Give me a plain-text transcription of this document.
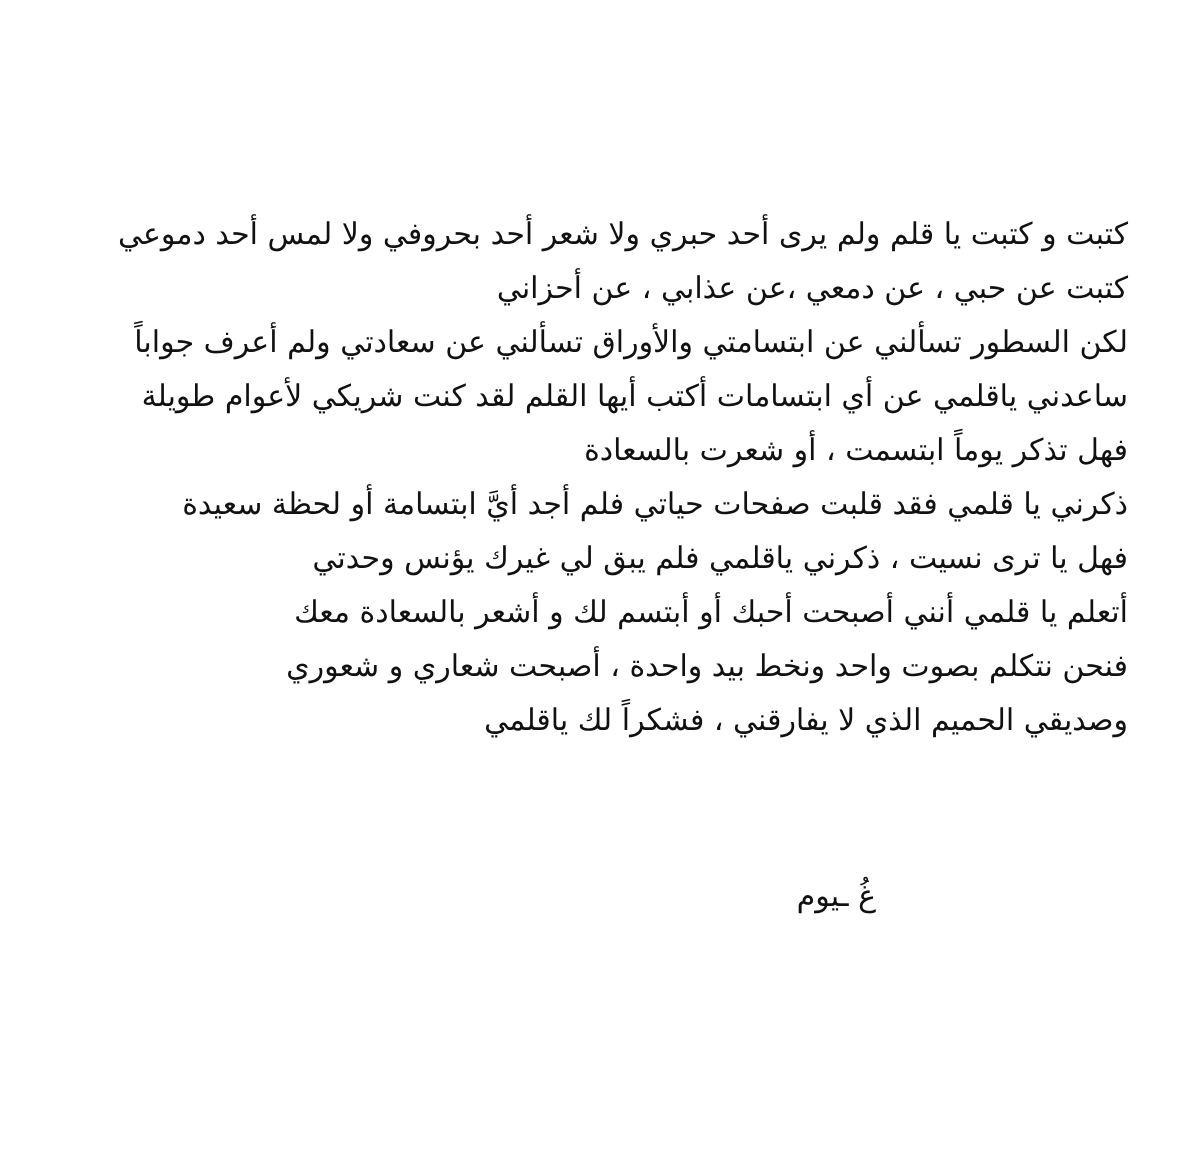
كتبت و كتبت يا قلم ولم يرى أحد حبري ولا شعر أحد بحروفي ولا لمس أحد دموعي
كتبت عن حبي ، عن دمعي ،عن عذابي ، عن أحزاني
لكن السطور تسألني عن ابتسامتي والأوراق تسألني عن سعادتي ولم أعرف جواباً
ساعدني ياقلمي عن أي ابتسامات أكتب أيها القلم لقد كنت شريكي لأعوام طويلة
فهل تذكر يوماً ابتسمت ، أو شعرت بالسعادة
ذكرني يا قلمي فقد قلبت صفحات حياتي فلم أجد أيَّ ابتسامة أو لحظة سعيدة
فهل يا ترى نسيت ، ذكرني ياقلمي فلم يبق لي غيرك يؤنس وحدتي
أتعلم يا قلمي أنني أصبحت أحبك أو أبتسم لك و أشعر بالسعادة معك
فنحن نتكلم بصوت واحد ونخط بيد واحدة ، أصبحت شعاري و شعوري
وصديقي الحميم الذي لا يفارقني ، فشكراً لك ياقلمي
غُ ـيوم
